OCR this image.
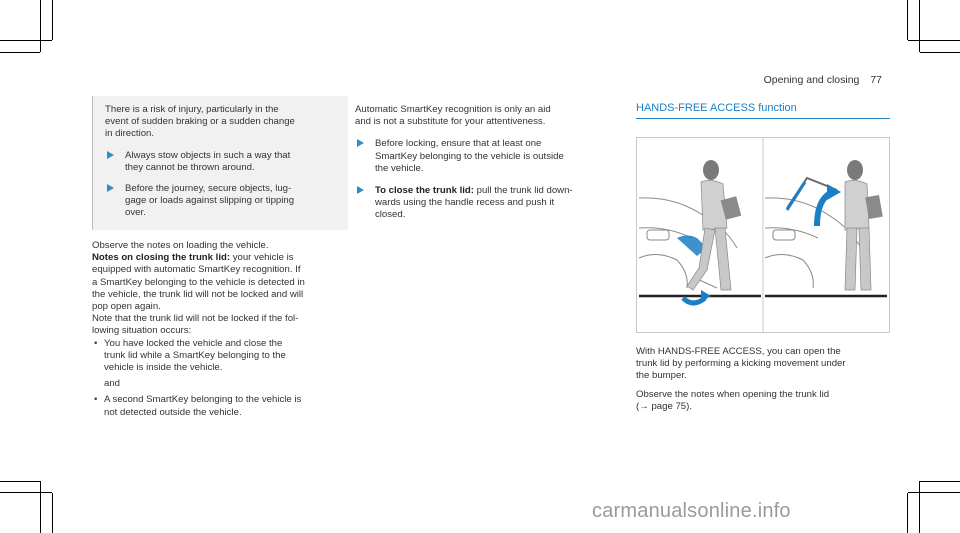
Opening and closing 77
There is a risk of injury, particularly in the
event of sudden braking or a sudden change
in direction.
Always stow objects in such a way that
they cannot be thrown around.
Before the journey, secure objects, lug-
gage or loads against slipping or tipping
over.
Observe the notes on loading the vehicle.
Notes on closing the trunk lid: your vehicle is
equipped with automatic SmartKey recognition. If
a SmartKey belonging to the vehicle is detected in
the vehicle, the trunk lid will not be locked and will
pop open again.
Note that the trunk lid will not be locked if the fol-
lowing situation occurs:
• You have locked the vehicle and close the
trunk lid while a SmartKey belonging to the
vehicle is inside the vehicle.
and
• A second SmartKey belonging to the vehicle is
not detected outside the vehicle.
Automatic SmartKey recognition is only an aid
and is not a substitute for your attentiveness.
Before locking, ensure that at least one
SmartKey belonging to the vehicle is outside
the vehicle.
To close the trunk lid: pull the trunk lid down-
wards using the handle recess and push it
closed.
HANDS-FREE ACCESS function
With HANDS-FREE ACCESS, you can open the
trunk lid by performing a kicking movement under
the bumper.
Observe the notes when opening the trunk lid
(→ page 75).
carmanualsonline.info
